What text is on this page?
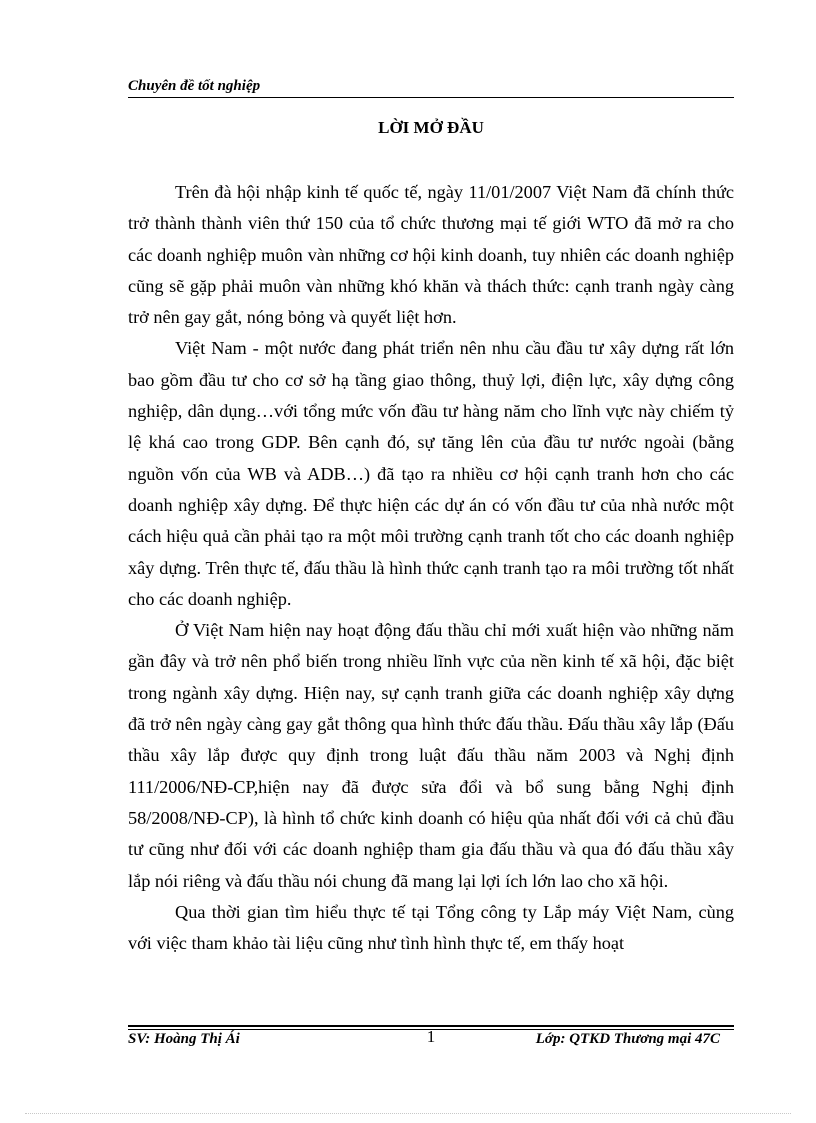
Chuyên đề tốt nghiệp
LỜI MỞ ĐẦU

Trên đà hội nhập kinh tế quốc tế, ngày 11/01/2007 Việt Nam đã chính thức trở thành thành viên thứ 150 của tổ chức thương mại tế giới WTO đã mở ra cho các doanh nghiệp muôn vàn những cơ hội kinh doanh, tuy nhiên các doanh nghiệp cũng sẽ gặp phải muôn vàn những khó khăn và thách thức: cạnh tranh ngày càng trở nên gay gắt, nóng bỏng và quyết liệt hơn.

Việt Nam - một nước đang phát triển nên nhu cầu đầu tư xây dựng rất lớn bao gồm đầu tư cho cơ sở hạ tầng giao thông, thuỷ lợi, điện lực, xây dựng công nghiệp, dân dụng…với tổng mức vốn đầu tư hàng năm cho lĩnh vực này chiếm tỷ lệ khá cao trong GDP. Bên cạnh đó, sự tăng lên của đầu tư nước ngoài (bằng nguồn vốn của WB và ADB…) đã tạo ra nhiều cơ hội cạnh tranh hơn cho các doanh nghiệp xây dựng. Để thực hiện các dự án có vốn đầu tư của nhà nước một cách hiệu quả cần phải tạo ra một môi trường cạnh tranh tốt cho các doanh nghiệp xây dựng. Trên thực tế, đấu thầu là hình thức cạnh tranh tạo ra môi trường tốt nhất cho các doanh nghiệp.

Ở Việt Nam hiện nay hoạt động đấu thầu chỉ mới xuất hiện vào những năm gần đây và trở nên phổ biến trong nhiều lĩnh vực của nền kinh tế xã hội, đặc biệt trong ngành xây dựng. Hiện nay, sự cạnh tranh giữa các doanh nghiệp xây dựng đã trở nên ngày càng gay gắt thông qua hình thức đấu thầu. Đấu thầu xây lắp (Đấu thầu xây lắp được quy định trong luật đấu thầu năm 2003 và Nghị định 111/2006/NĐ-CP,hiện nay đã được sửa đổi và bổ sung bằng Nghị định 58/2008/NĐ-CP), là hình tổ chức kinh doanh có hiệu qủa nhất đối với cả chủ đầu tư cũng như đối với các doanh nghiệp tham gia đấu thầu và qua đó đấu thầu xây lắp nói riêng và đấu thầu nói chung đã mang lại lợi ích lớn lao cho xã hội.

Qua thời gian tìm hiểu thực tế tại Tổng công ty Lắp máy Việt Nam, cùng với việc tham khảo tài liệu cũng như tình hình thực tế, em thấy hoạt

SV: Hoàng Thị Ái	1	Lớp: QTKD Thương mại 47C
